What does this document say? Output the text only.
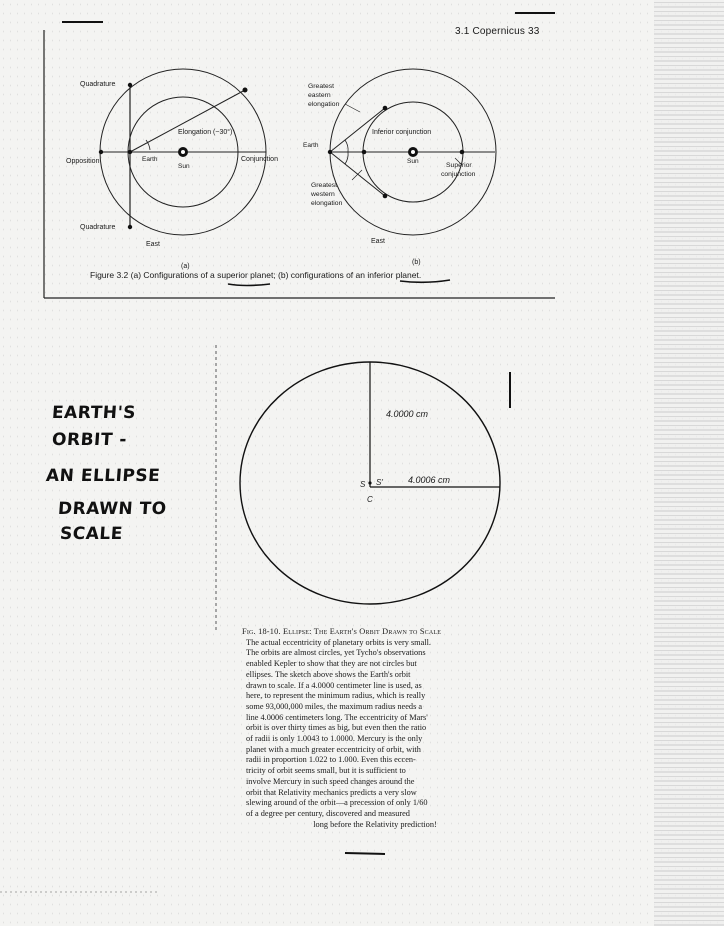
3.1 Copernicus 33
Quadrature
Opposition	Earth
Sun
Elongation (~30°)
Conjunction
Quadrature
East
(a)
Greatest
eastern
elongation
Earth
Inferior conjunction
Sun
Superior
conjunction
Greatest
western
elongation
East
(b)
Figure 3.2 (a) Configurations of a superior planet; (b) configurations of an inferior planet.
EARTH'S
ORBIT -
AN ELLIPSE
DRAWN TO
SCALE
4.0000 cm
4.0006 cm
S S'
C
Fig. 18-10. Ellipse: The Earth's Orbit Drawn to Scale
The actual eccentricity of planetary orbits is very small.
The orbits are almost circles, yet Tycho's observations
enabled Kepler to show that they are not circles but
ellipses. The sketch above shows the Earth's orbit
drawn to scale. If a 4.0000 centimeter line is used, as
here, to represent the minimum radius, which is really
some 93,000,000 miles, the maximum radius needs a
line 4.0006 centimeters long. The eccentricity of Mars'
orbit is over thirty times as big, but even then the ratio
of radii is only 1.0043 to 1.0000. Mercury is the only
planet with a much greater eccentricity of orbit, with
radii in proportion 1.022 to 1.000. Even this eccen-
tricity of orbit seems small, but it is sufficient to
involve Mercury in such speed changes around the
orbit that Relativity mechanics predicts a very slow
slewing around of the orbit—a precession of only 1/60
of a degree per century, discovered and measured
long before the Relativity prediction!
